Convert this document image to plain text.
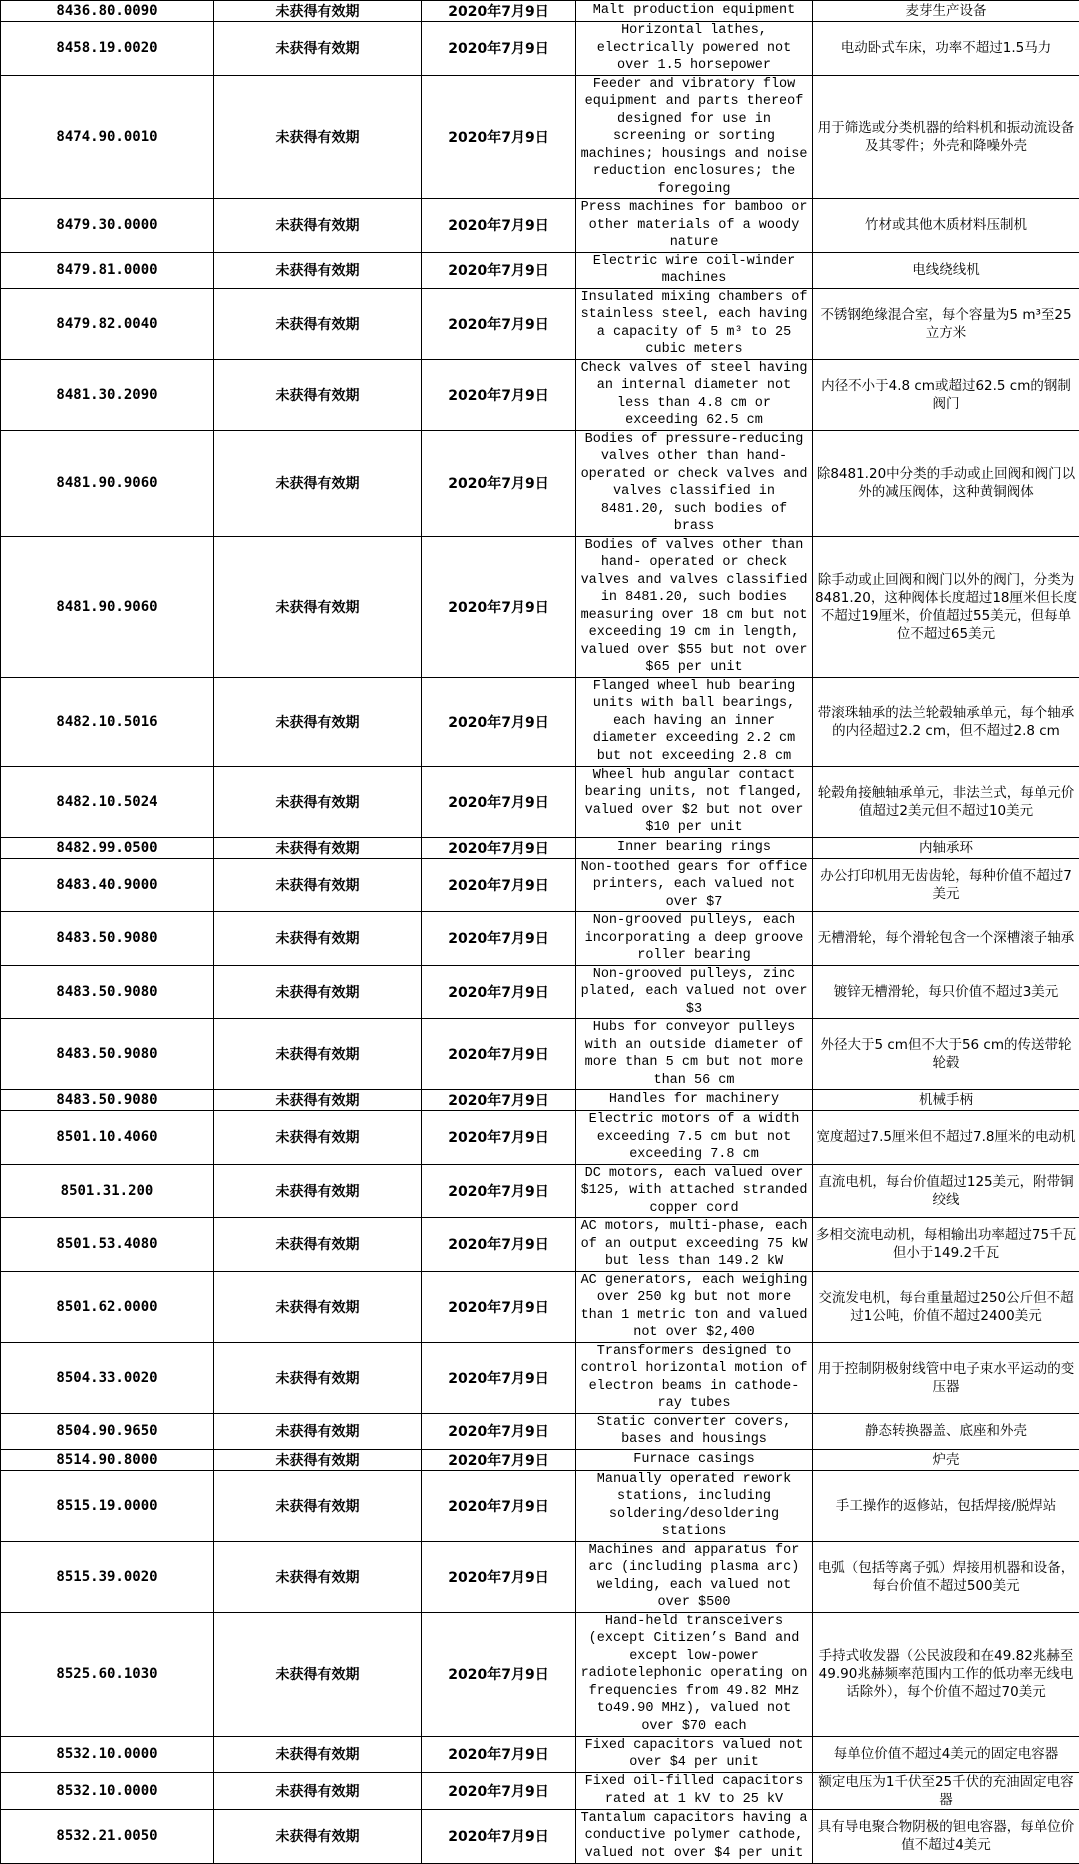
8436.80.0090	未获得有效期	2020年7月9日	Malt production equipment	麦芽生产设备
8458.19.0020	未获得有效期	2020年7月9日	Horizontal lathes, electrically powered not over 1.5 horsepower	电动卧式车床，功率不超过1.5马力
8474.90.0010	未获得有效期	2020年7月9日	Feeder and vibratory flow equipment and parts thereof designed for use in screening or sorting machines; housings and noise reduction enclosures; the foregoing	用于筛选或分类机器的给料机和振动流设备及其零件；外壳和降噪外壳
8479.30.0000	未获得有效期	2020年7月9日	Press machines for bamboo or other materials of a woody nature	竹材或其他木质材料压制机
8479.81.0000	未获得有效期	2020年7月9日	Electric wire coil-winder machines	电线绕线机
8479.82.0040	未获得有效期	2020年7月9日	Insulated mixing chambers of stainless steel, each having a capacity of 5 m³ to 25 cubic meters	不锈钢绝缘混合室，每个容量为5 m³至25立方米
8481.30.2090	未获得有效期	2020年7月9日	Check valves of steel having an internal diameter not less than 4.8 cm or exceeding 62.5 cm	内径不小于4.8 cm或超过62.5 cm的钢制阀门
8481.90.9060	未获得有效期	2020年7月9日	Bodies of pressure-reducing valves other than hand-operated or check valves and valves classified in 8481.20, such bodies of brass	除8481.20中分类的手动或止回阀和阀门以外的减压阀体，这种黄铜阀体
8481.90.9060	未获得有效期	2020年7月9日	Bodies of valves other than hand- operated or check valves and valves classified in 8481.20, such bodies measuring over 18 cm but not exceeding 19 cm in length, valued over $55 but not over $65 per unit	除手动或止回阀和阀门以外的阀门，分类为8481.20，这种阀体长度超过18厘米但长度不超过19厘米，价值超过55美元，但每单位不超过65美元
8482.10.5016	未获得有效期	2020年7月9日	Flanged wheel hub bearing units with ball bearings, each having an inner diameter exceeding 2.2 cm but not exceeding 2.8 cm	带滚珠轴承的法兰轮毂轴承单元，每个轴承的内径超过2.2 cm，但不超过2.8 cm
8482.10.5024	未获得有效期	2020年7月9日	Wheel hub angular contact bearing units, not flanged, valued over $2 but not over $10 per unit	轮毂角接触轴承单元，非法兰式，每单元价值超过2美元但不超过10美元
8482.99.0500	未获得有效期	2020年7月9日	Inner bearing rings	内轴承环
8483.40.9000	未获得有效期	2020年7月9日	Non-toothed gears for office printers, each valued not over $7	办公打印机用无齿齿轮，每种价值不超过7美元
8483.50.9080	未获得有效期	2020年7月9日	Non-grooved pulleys, each incorporating a deep groove roller bearing	无槽滑轮，每个滑轮包含一个深槽滚子轴承
8483.50.9080	未获得有效期	2020年7月9日	Non-grooved pulleys, zinc plated, each valued not over $3	镀锌无槽滑轮，每只价值不超过3美元
8483.50.9080	未获得有效期	2020年7月9日	Hubs for conveyor pulleys with an outside diameter of more than 5 cm but not more than 56 cm	外径大于5 cm但不大于56 cm的传送带轮轮毂
8483.50.9080	未获得有效期	2020年7月9日	Handles for machinery	机械手柄
8501.10.4060	未获得有效期	2020年7月9日	Electric motors of a width exceeding 7.5 cm but not exceeding 7.8 cm	宽度超过7.5厘米但不超过7.8厘米的电动机
8501.31.200	未获得有效期	2020年7月9日	DC motors, each valued over $125, with attached stranded copper cord	直流电机，每台价值超过125美元，附带铜绞线
8501.53.4080	未获得有效期	2020年7月9日	AC motors, multi-phase, each of an output exceeding 75 kW but less than 149.2 kW	多相交流电动机，每相输出功率超过75千瓦但小于149.2千瓦
8501.62.0000	未获得有效期	2020年7月9日	AC generators, each weighing over 250 kg but not more than 1 metric ton and valued not over $2,400	交流发电机，每台重量超过250公斤但不超过1公吨，价值不超过2400美元
8504.33.0020	未获得有效期	2020年7月9日	Transformers designed to control horizontal motion of electron beams in cathode-ray tubes	用于控制阴极射线管中电子束水平运动的变压器
8504.90.9650	未获得有效期	2020年7月9日	Static converter covers, bases and housings	静态转换器盖、底座和外壳
8514.90.8000	未获得有效期	2020年7月9日	Furnace casings	炉壳
8515.19.0000	未获得有效期	2020年7月9日	Manually operated rework stations, including soldering/desoldering stations	手工操作的返修站，包括焊接/脱焊站
8515.39.0020	未获得有效期	2020年7月9日	Machines and apparatus for arc (including plasma arc) welding, each valued not over $500	电弧（包括等离子弧）焊接用机器和设备，每台价值不超过500美元
8525.60.1030	未获得有效期	2020年7月9日	Hand-held transceivers (except Citizen’s Band and except low-power radiotelephonic operating on frequencies from 49.82 MHz to49.90 MHz), valued not over $70 each	手持式收发器（公民波段和在49.82兆赫至49.90兆赫频率范围内工作的低功率无线电话除外），每个价值不超过70美元
8532.10.0000	未获得有效期	2020年7月9日	Fixed capacitors valued not over $4 per unit	每单位价值不超过4美元的固定电容器
8532.10.0000	未获得有效期	2020年7月9日	Fixed oil-filled capacitors rated at 1 kV to 25 kV	额定电压为1千伏至25千伏的充油固定电容器
8532.21.0050	未获得有效期	2020年7月9日	Tantalum capacitors having a conductive polymer cathode, valued not over $4 per unit	具有导电聚合物阴极的钽电容器，每单位价值不超过4美元
